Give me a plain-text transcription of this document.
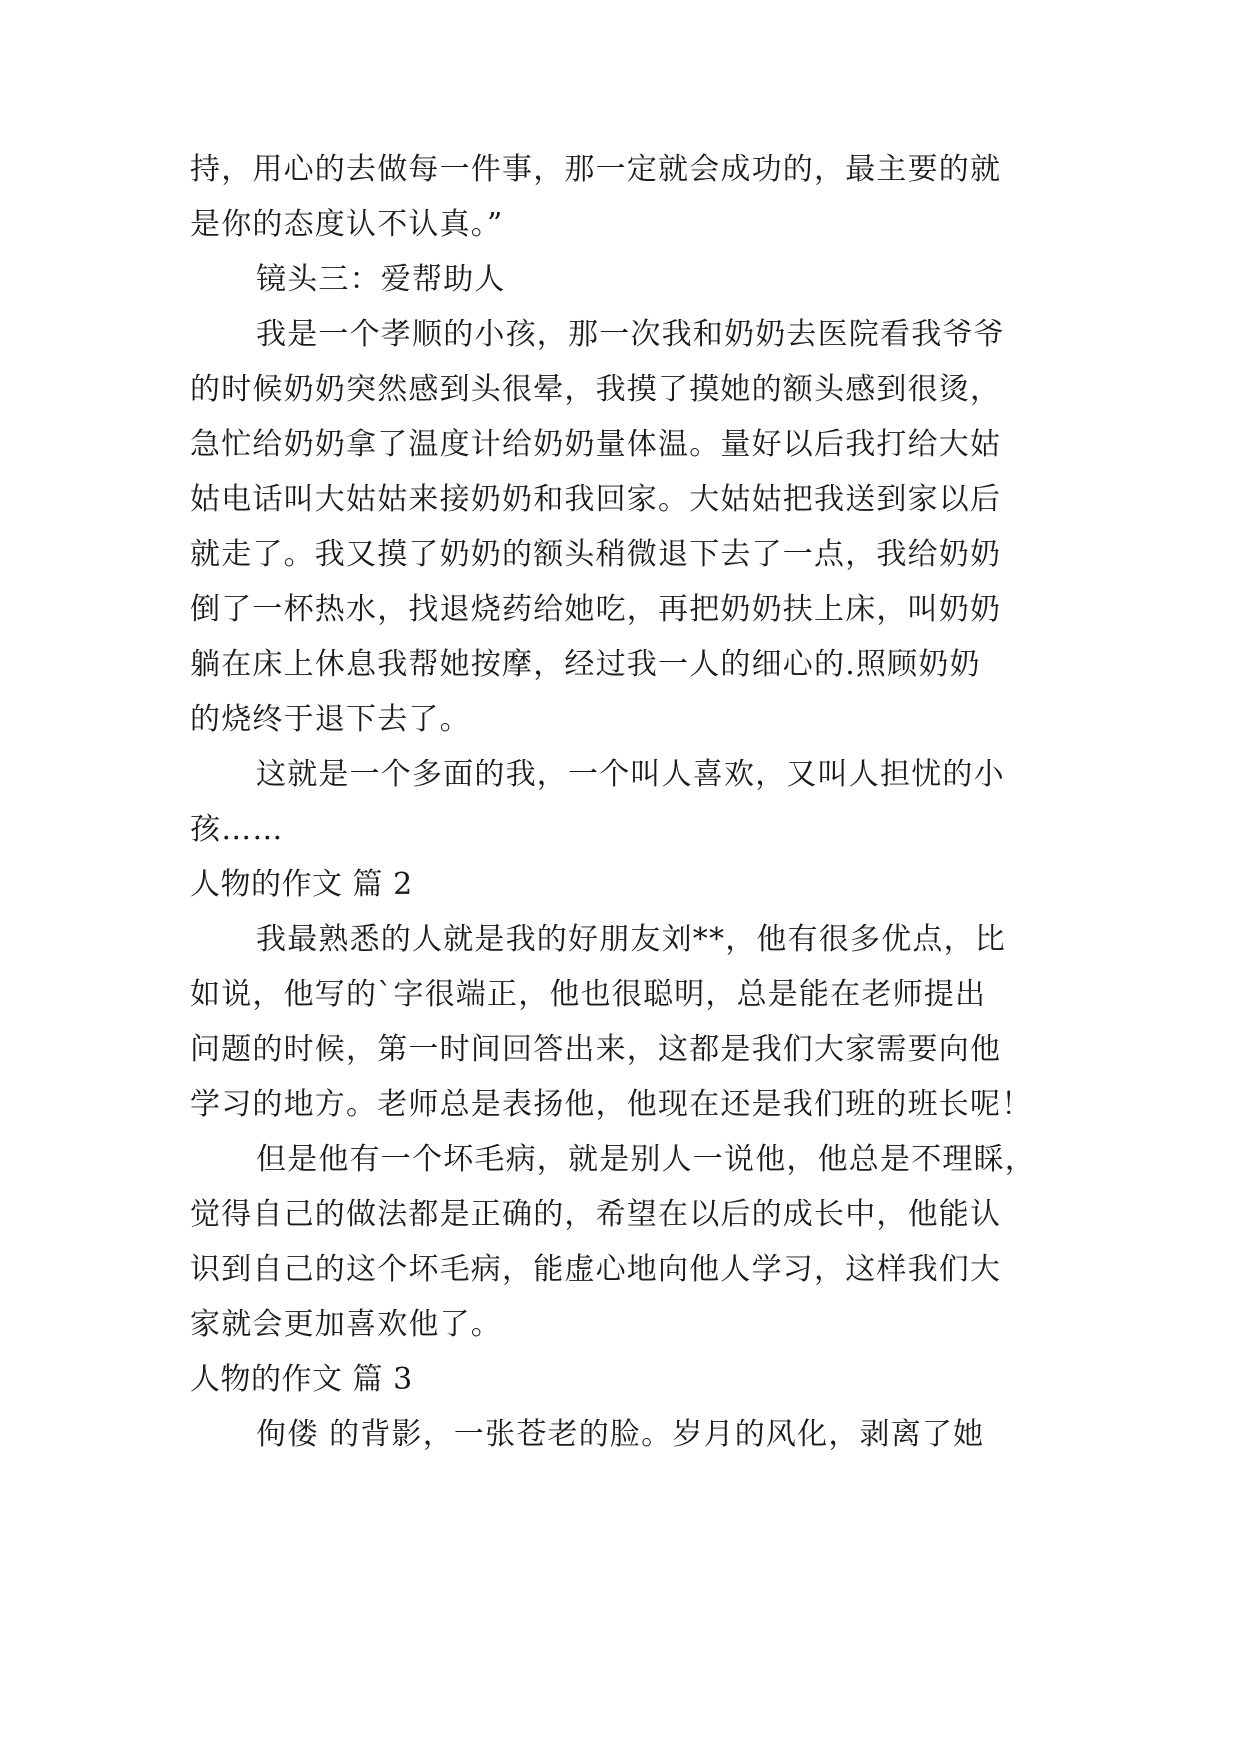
持，用心的去做每一件事，那一定就会成功的，最主要的就
是你的态度认不认真。”
镜头三：爱帮助人
我是一个孝顺的小孩，那一次我和奶奶去医院看我爷爷
的时候奶奶突然感到头很晕，我摸了摸她的额头感到很烫，
急忙给奶奶拿了温度计给奶奶量体温。量好以后我打给大姑
姑电话叫大姑姑来接奶奶和我回家。大姑姑把我送到家以后
就走了。我又摸了奶奶的额头稍微退下去了一点，我给奶奶
倒了一杯热水，找退烧药给她吃，再把奶奶扶上床，叫奶奶
躺在床上休息我帮她按摩，经过我一人的细心的.照顾奶奶
的烧终于退下去了。
这就是一个多面的我，一个叫人喜欢，又叫人担忧的小
孩……
人物的作文 篇 2
我最熟悉的人就是我的好朋友刘**，他有很多优点，比
如说，他写的`字很端正，他也很聪明，总是能在老师提出
问题的时候，第一时间回答出来，这都是我们大家需要向他
学习的地方。老师总是表扬他，他现在还是我们班的班长呢！
但是他有一个坏毛病，就是别人一说他，他总是不理睬，
觉得自己的做法都是正确的，希望在以后的成长中，他能认
识到自己的这个坏毛病，能虚心地向他人学习，这样我们大
家就会更加喜欢他了。
人物的作文 篇 3
佝偻 的背影，一张苍老的脸。岁月的风化，剥离了她
